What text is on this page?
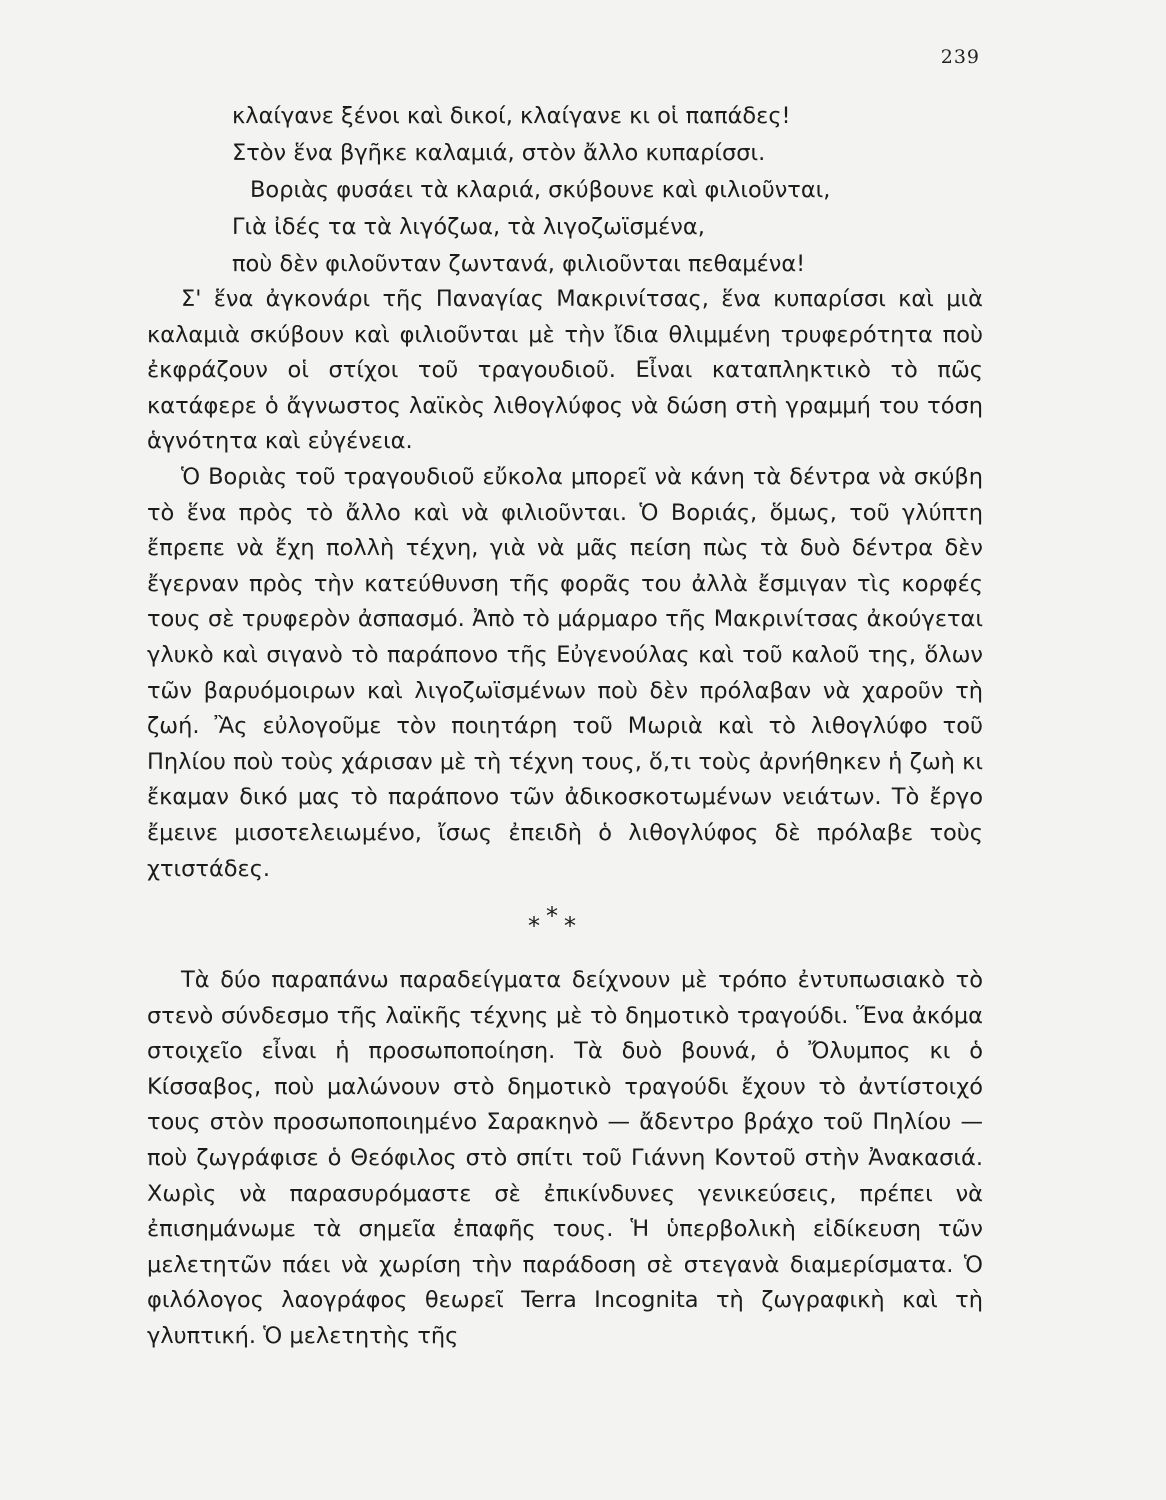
239
κλαίγανε ξένοι καὶ δικοί, κλαίγανε κι οἱ παπάδες!
Στὸν ἕνα βγῆκε καλαμιά, στὸν ἄλλο κυπαρίσσι.
Βοριὰς φυσάει τὰ κλαριά, σκύβουνε καὶ φιλιοῦνται,
Γιὰ ἰδές τα τὰ λιγόζωα, τὰ λιγοζωϊσμένα,
ποὺ δὲν φιλοῦνταν ζωντανά, φιλιοῦνται πεθαμένα!

Σ' ἕνα ἀγκονάρι τῆς Παναγίας Μακρινίτσας, ἕνα κυπαρίσσι καὶ μιὰ καλαμιὰ σκύβουν καὶ φιλιοῦνται μὲ τὴν ἴδια θλιμμένη τρυφερότητα ποὺ ἐκφράζουν οἱ στίχοι τοῦ τραγουδιοῦ. Εἶναι καταπληκτικὸ τὸ πῶς κατάφερε ὁ ἄγνωστος λαϊκὸς λιθογλύφος νὰ δώση στὴ γραμμή του τόση ἁγνότητα καὶ εὐγένεια.

Ὁ Βοριὰς τοῦ τραγουδιοῦ εὔκολα μπορεῖ νὰ κάνη τὰ δέντρα νὰ σκύβη τὸ ἕνα πρὸς τὸ ἄλλο καὶ νὰ φιλιοῦνται. Ὁ Βοριάς, ὅμως, τοῦ γλύπτη ἔπρεπε νὰ ἔχη πολλὴ τέχνη, γιὰ νὰ μᾶς πείση πὼς τὰ δυὸ δέντρα δὲν ἔγερναν πρὸς τὴν κατεύθυνση τῆς φορᾶς του ἀλλὰ ἔσμιγαν τὶς κορφές τους σὲ τρυφερὸν ἀσπασμό. Ἀπὸ τὸ μάρμαρο τῆς Μακρινίτσας ἀκούγεται γλυκὸ καὶ σιγανὸ τὸ παράπονο τῆς Εὐγενούλας καὶ τοῦ καλοῦ της, ὅλων τῶν βαρυόμοιρων καὶ λιγοζωϊσμένων ποὺ δὲν πρόλαβαν νὰ χαροῦν τὴ ζωή. Ἂς εὐλογοῦμε τὸν ποιητάρη τοῦ Μωριὰ καὶ τὸ λιθογλύφο τοῦ Πηλίου ποὺ τοὺς χάρισαν μὲ τὴ τέχνη τους, ὅ,τι τοὺς ἀρνήθηκεν ἡ ζωὴ κι ἔκαμαν δικό μας τὸ παράπονο τῶν ἀδικοσκοτωμένων νειάτων. Τὸ ἔργο ἔμεινε μισοτελειωμένο, ἴσως ἐπειδὴ ὁ λιθογλύφος δὲ πρόλαβε τοὺς χτιστάδες.

***

Τὰ δύο παραπάνω παραδείγματα δείχνουν μὲ τρόπο ἐντυπωσιακὸ τὸ στενὸ σύνδεσμο τῆς λαϊκῆς τέχνης μὲ τὸ δημοτικὸ τραγούδι. Ἕνα ἀκόμα στοιχεῖο εἶναι ἡ προσωποποίηση. Τὰ δυὸ βουνά, ὁ Ὄλυμπος κι ὁ Κίσσαβος, ποὺ μαλώνουν στὸ δημοτικὸ τραγούδι ἔχουν τὸ ἀντίστοιχό τους στὸν προσωποποιημένο Σαρακηνὸ — ἄδεντρο βράχο τοῦ Πηλίου — ποὺ ζωγράφισε ὁ Θεόφιλος στὸ σπίτι τοῦ Γιάννη Κοντοῦ στὴν Ἀνακασιά. Χωρὶς νὰ παρασυρόμαστε σὲ ἐπικίνδυνες γενικεύσεις, πρέπει νὰ ἐπισημάνωμε τὰ σημεῖα ἐπαφῆς τους. Ἡ ὑπερβολικὴ εἰδίκευση τῶν μελετητῶν πάει νὰ χωρίση τὴν παράδοση σὲ στεγανὰ διαμερίσματα. Ὁ φιλόλογος λαογράφος θεωρεῖ Terra Incognita τὴ ζωγραφικὴ καὶ τὴ γλυπτική. Ὁ μελετητὴς τῆς
